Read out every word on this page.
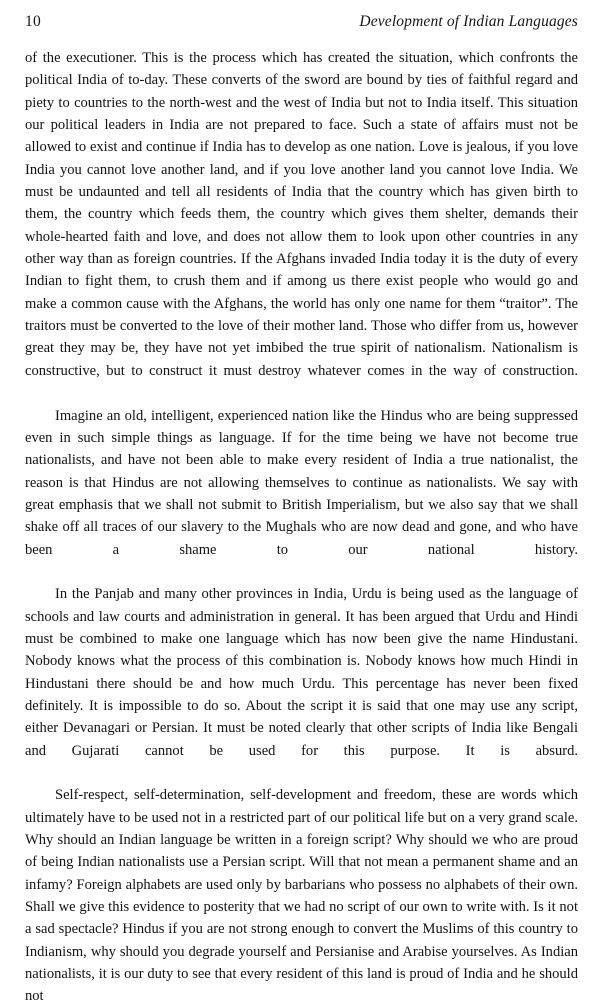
10	Development of Indian Languages

of the executioner. This is the process which has created the situation, which confronts the political India of to-day. These converts of the sword are bound by ties of faithful regard and piety to countries to the north-west and the west of India but not to India itself. This situation our political leaders in India are not prepared to face. Such a state of affairs must not be allowed to exist and continue if India has to develop as one nation. Love is jealous, if you love India you cannot love another land, and if you love another land you cannot love India. We must be undaunted and tell all residents of India that the country which has given birth to them, the country which feeds them, the country which gives them shelter, demands their whole-hearted faith and love, and does not allow them to look upon other countries in any other way than as foreign countries. If the Afghans invaded India today it is the duty of every Indian to fight them, to crush them and if among us there exist people who would go and make a common cause with the Afghans, the world has only one name for them “traitor”. The traitors must be converted to the love of their mother land. Those who differ from us, however great they may be, they have not yet imbibed the true spirit of nationalism. Nationalism is constructive, but to construct it must destroy whatever comes in the way of construction.

Imagine an old, intelligent, experienced nation like the Hindus who are being suppressed even in such simple things as language. If for the time being we have not become true nationalists, and have not been able to make every resident of India a true nationalist, the reason is that Hindus are not allowing themselves to continue as nationalists. We say with great emphasis that we shall not submit to British Imperialism, but we also say that we shall shake off all traces of our slavery to the Mughals who are now dead and gone, and who have been a shame to our national history.

In the Panjab and many other provinces in India, Urdu is being used as the language of schools and law courts and administration in general. It has been argued that Urdu and Hindi must be combined to make one language which has now been give the name Hindustani. Nobody knows what the process of this combination is. Nobody knows how much Hindi in Hindustani there should be and how much Urdu. This percentage has never been fixed definitely. It is impossible to do so. About the script it is said that one may use any script, either Devanagari or Persian. It must be noted clearly that other scripts of India like Bengali and Gujarati cannot be used for this purpose. It is absurd.

Self-respect, self-determination, self-development and freedom, these are words which ultimately have to be used not in a restricted part of our political life but on a very grand scale. Why should an Indian language be written in a foreign script? Why should we who are proud of being Indian nationalists use a Persian script. Will that not mean a permanent shame and an infamy? Foreign alphabets are used only by barbarians who possess no alphabets of their own. Shall we give this evidence to posterity that we had no script of our own to write with. Is it not a sad spectacle? Hindus if you are not strong enough to convert the Muslims of this country to Indianism, why should you degrade yourself and Persianise and Arabise yourselves. As Indian nationalists, it is our duty to see that every resident of this land is proud of India and he should not
